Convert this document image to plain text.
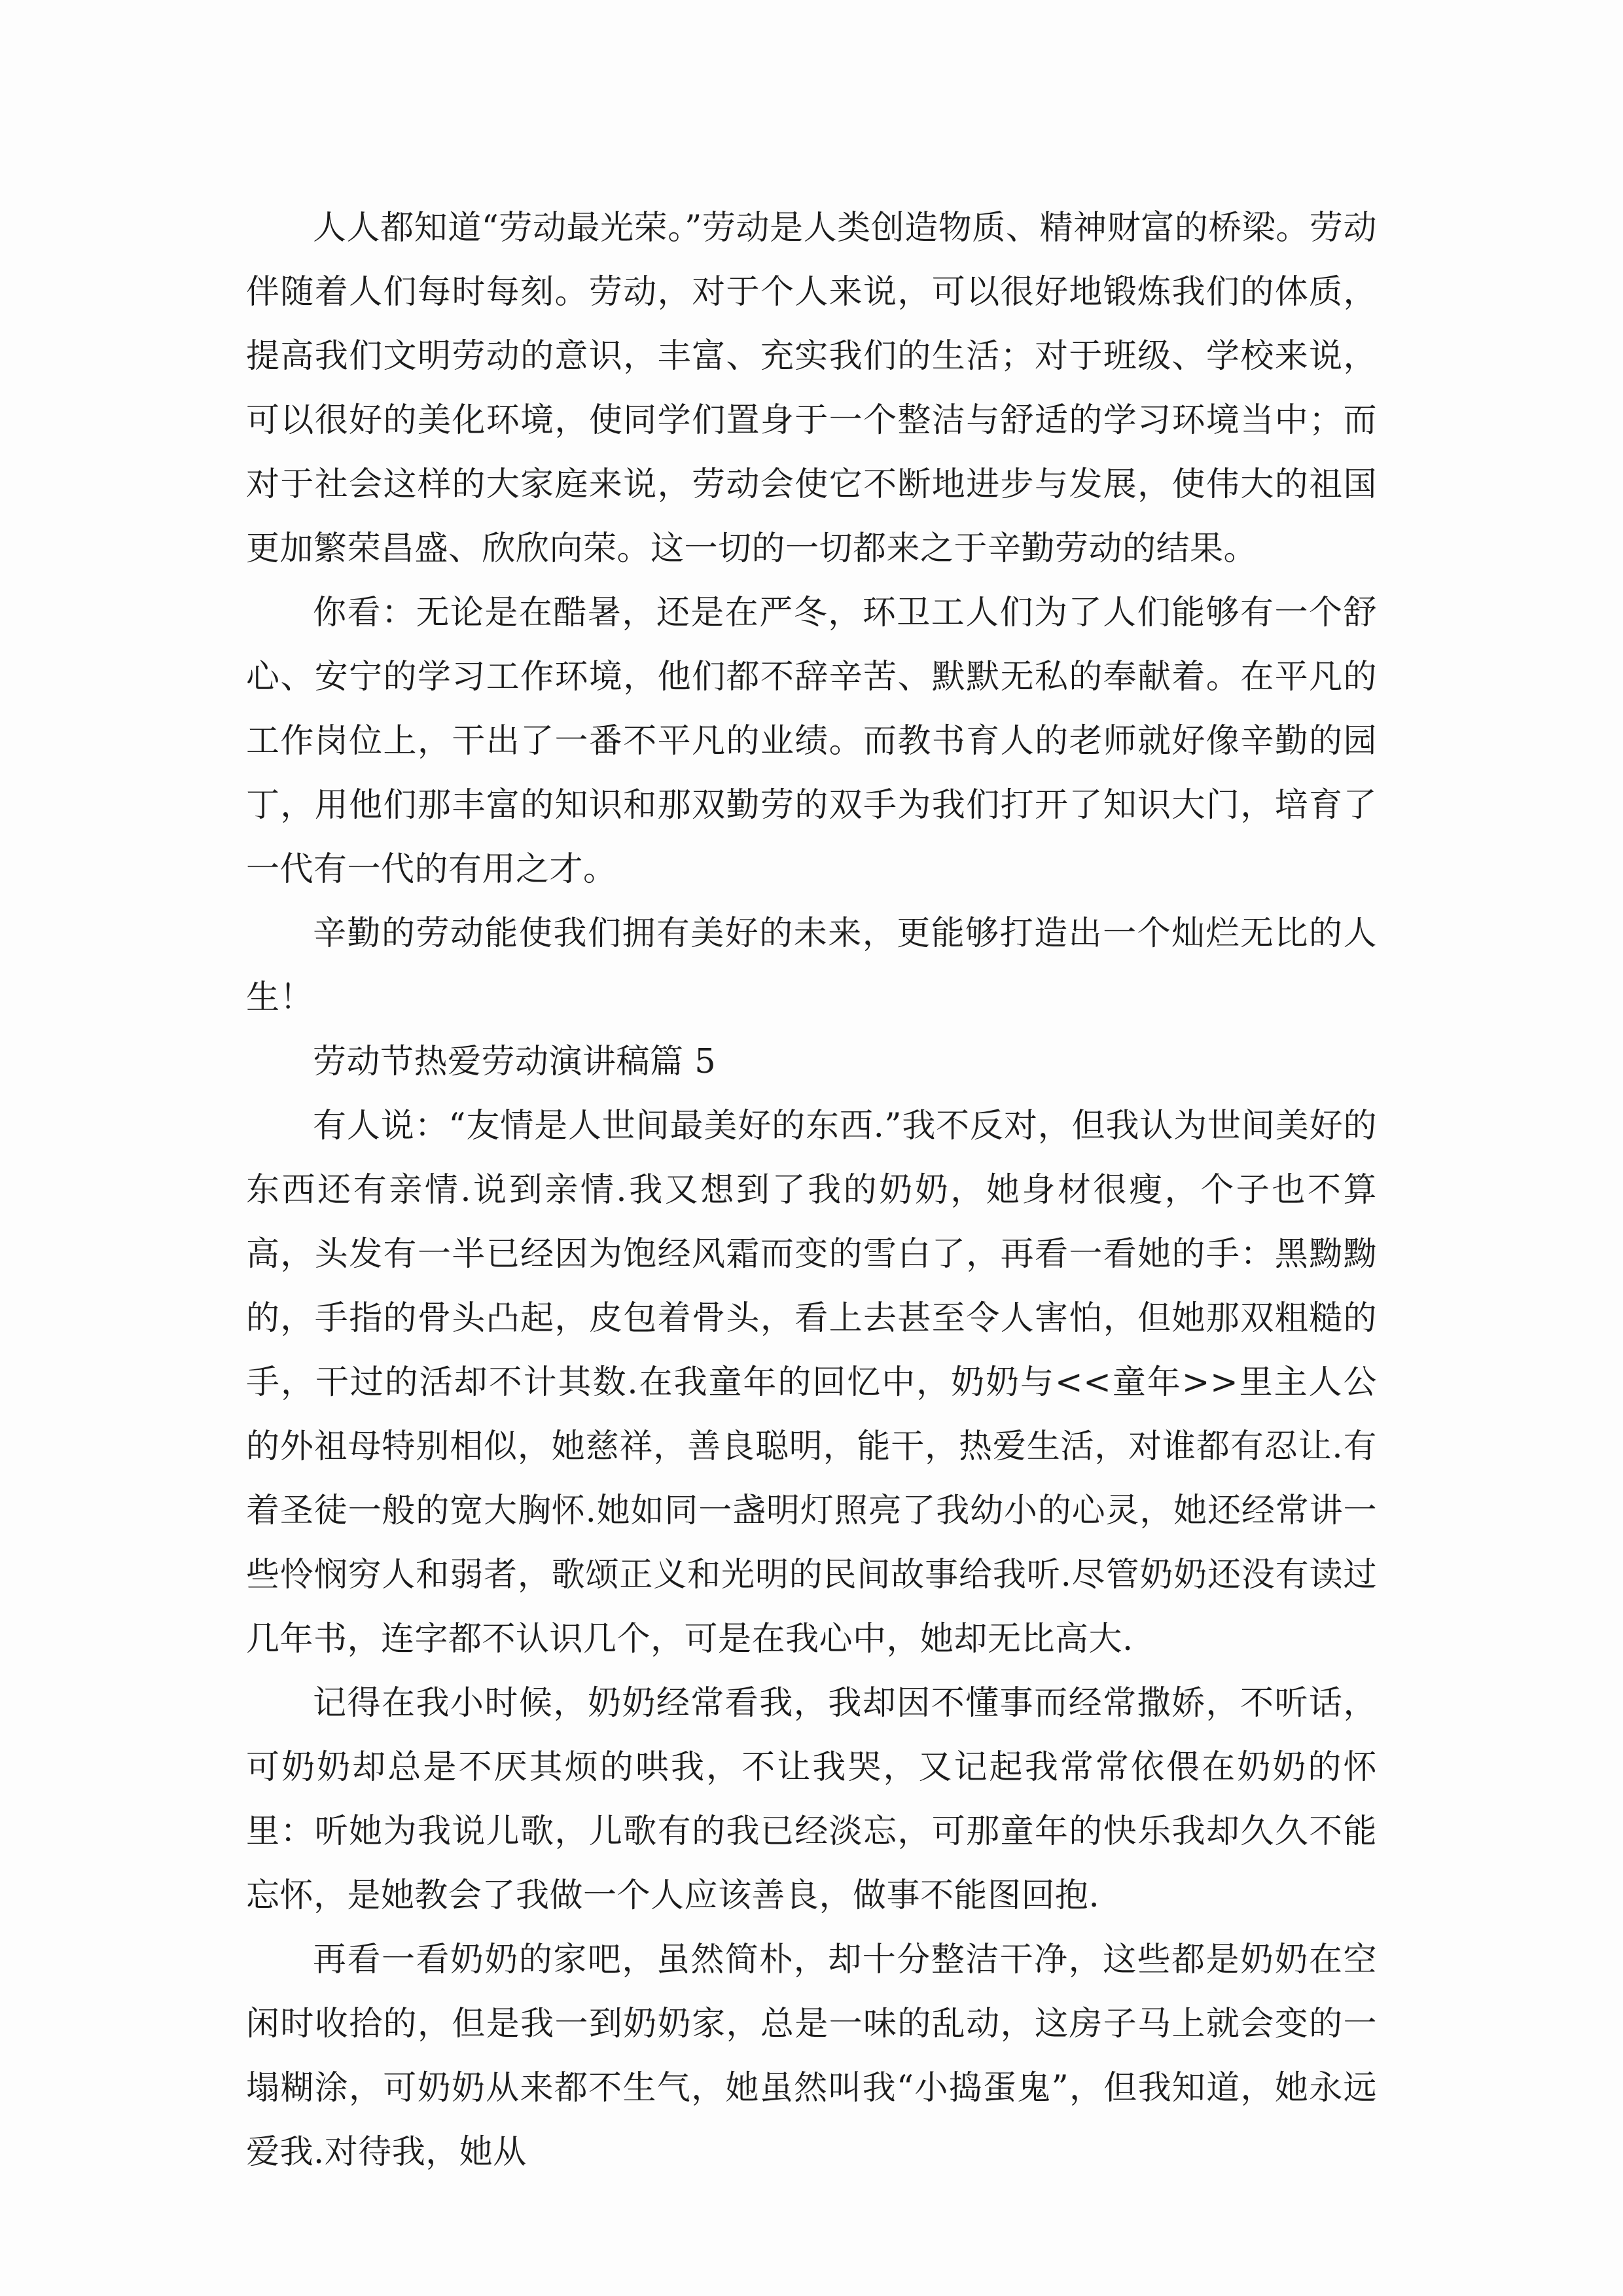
人人都知道“劳动最光荣。”劳动是人类创造物质、精神财富的桥梁。劳动伴随着人们每时每刻。劳动，对于个人来说，可以很好地锻炼我们的体质，提高我们文明劳动的意识，丰富、充实我们的生活；对于班级、学校来说，可以很好的美化环境，使同学们置身于一个整洁与舒适的学习环境当中；而对于社会这样的大家庭来说，劳动会使它不断地进步与发展，使伟大的祖国更加繁荣昌盛、欣欣向荣。这一切的一切都来之于辛勤劳动的结果。

你看：无论是在酷暑，还是在严冬，环卫工人们为了人们能够有一个舒心、安宁的学习工作环境，他们都不辞辛苦、默默无私的奉献着。在平凡的工作岗位上，干出了一番不平凡的业绩。而教书育人的老师就好像辛勤的园丁，用他们那丰富的知识和那双勤劳的双手为我们打开了知识大门，培育了一代有一代的有用之才。

辛勤的劳动能使我们拥有美好的未来，更能够打造出一个灿烂无比的人生！

劳动节热爱劳动演讲稿篇 5

有人说：“友情是人世间最美好的东西.”我不反对，但我认为世间美好的东西还有亲情.说到亲情.我又想到了我的奶奶，她身材很瘦，个子也不算高，头发有一半已经因为饱经风霜而变的雪白了，再看一看她的手：黑黝黝的，手指的骨头凸起，皮包着骨头，看上去甚至令人害怕，但她那双粗糙的手，干过的活却不计其数.在我童年的回忆中，奶奶与<<童年>>里主人公的外祖母特别相似，她慈祥，善良聪明，能干，热爱生活，对谁都有忍让.有着圣徒一般的宽大胸怀.她如同一盏明灯照亮了我幼小的心灵，她还经常讲一些怜悯穷人和弱者，歌颂正义和光明的民间故事给我听.尽管奶奶还没有读过几年书，连字都不认识几个，可是在我心中，她却无比高大.

记得在我小时候，奶奶经常看我，我却因不懂事而经常撒娇，不听话，可奶奶却总是不厌其烦的哄我，不让我哭，又记起我常常依偎在奶奶的怀里：听她为我说儿歌，儿歌有的我已经淡忘，可那童年的快乐我却久久不能忘怀，是她教会了我做一个人应该善良，做事不能图回抱.

再看一看奶奶的家吧，虽然简朴，却十分整洁干净，这些都是奶奶在空闲时收拾的，但是我一到奶奶家，总是一味的乱动，这房子马上就会变的一塌糊涂，可奶奶从来都不生气，她虽然叫我“小捣蛋鬼”，但我知道，她永远爱我.对待我，她从
